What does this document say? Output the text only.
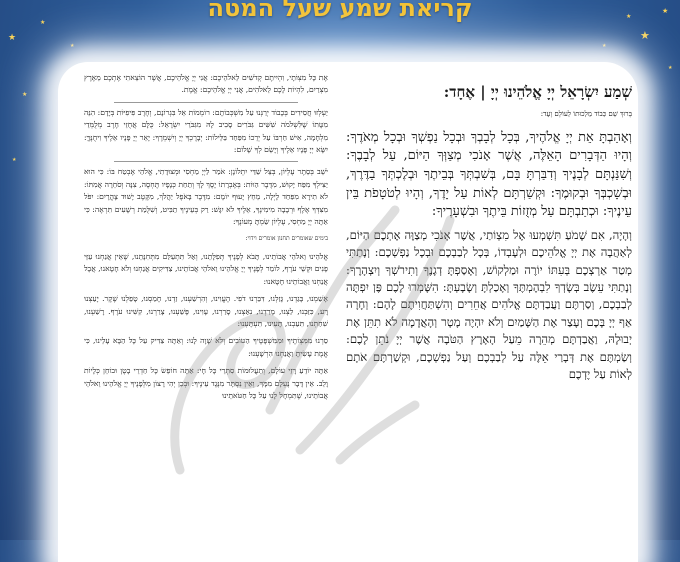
★
★
★
★
★
★
★
★
★
★
קריאת שמע שעל המטה

שְׁמַע יִשְׂרָאֵל יְיָ אֱלֹהֵינוּ יְיָ | אֶחָד:

בָּרוּךְ שֵׁם כְּבוֹד מַלְכוּתוֹ לְעוֹלָם וָעֶד:

וְאָהַבְתָּ אֵת יְיָ אֱלֹהֶיךָ, בְּכָל לְבָבְךָ וּבְכָל נַפְשְׁךָ וּבְכָל מְאֹדֶךָ: וְהָיוּ הַדְּבָרִים הָאֵלֶּה, אֲשֶׁר אָנֹכִי מְצַוְּךָ הַיּוֹם, עַל לְבָבֶךָ: וְשִׁנַּנְתָּם לְבָנֶיךָ וְדִבַּרְתָּ בָּם, בְּשִׁבְתְּךָ בְּבֵיתֶךָ וּבְלֶכְתְּךָ בַדֶּרֶךְ, וּבְשָׁכְבְּךָ וּבְקוּמֶךָ: וּקְשַׁרְתָּם לְאוֹת עַל יָדֶךָ, וְהָיוּ לְטֹטָפֹת בֵּין עֵינֶיךָ: וּכְתַבְתָּם עַל מְזֻזוֹת בֵּיתֶךָ וּבִשְׁעָרֶיךָ:

וְהָיָה, אִם שָׁמֹעַ תִּשְׁמְעוּ אֶל מִצְוֹתַי, אֲשֶׁר אָנֹכִי מְצַוֶּה אֶתְכֶם הַיּוֹם, לְאַהֲבָה אֶת יְיָ אֱלֹהֵיכֶם וּלְעָבְדוֹ, בְּכָל לְבַבְכֶם וּבְכָל נַפְשְׁכֶם: וְנָתַתִּי מְטַר אַרְצְכֶם בְּעִתּוֹ יוֹרֶה וּמַלְקוֹשׁ, וְאָסַפְתָּ דְגָנֶךָ וְתִירֹשְׁךָ וְיִצְהָרֶךָ: וְנָתַתִּי עֵשֶׂב בְּשָׂדְךָ לִבְהֶמְתֶּךָ וְאָכַלְתָּ וְשָׂבָעְתָּ: הִשָּׁמְרוּ לָכֶם פֶּן יִפְתֶּה לְבַבְכֶם, וְסַרְתֶּם וַעֲבַדְתֶּם אֱלֹהִים אֲחֵרִים וְהִשְׁתַּחֲוִיתֶם לָהֶם: וְחָרָה אַף יְיָ בָּכֶם וְעָצַר אֶת הַשָּׁמַיִם וְלֹא יִהְיֶה מָטָר וְהָאֲדָמָה לֹא תִתֵּן אֶת יְבוּלָהּ, וַאֲבַדְתֶּם מְהֵרָה מֵעַל הָאָרֶץ הַטֹּבָה אֲשֶׁר יְיָ נֹתֵן לָכֶם: וְשַׂמְתֶּם אֶת דְּבָרַי אֵלֶּה עַל לְבַבְכֶם וְעַל נַפְשְׁכֶם, וּקְשַׁרְתֶּם אֹתָם לְאוֹת עַל יֶדְכֶם

אֶת כָּל מִצְוֹתָי, וִהְיִיתֶם קְדֹשִׁים לֵאלֹהֵיכֶם: אֲנִי יְיָ אֱלֹהֵיכֶם, אֲשֶׁר הוֹצֵאתִי אֶתְכֶם מֵאֶרֶץ מִצְרַיִם, לִהְיוֹת לָכֶם לֵאלֹהִים, אֲנִי יְיָ אֱלֹהֵיכֶם: אֱמֶת.

יַעְלְזוּ חֲסִידִים בְּכָבוֹד יְרַנְּנוּ עַל מִשְׁכְּבוֹתָם: רוֹמְמוֹת אֵל בִּגְרוֹנָם, וְחֶרֶב פִּיפִיּוֹת בְּיָדָם: הִנֵּה מִטָּתוֹ שֶׁלִּשְׁלֹמֹה שִׁשִּׁים גִּבֹּרִים סָבִיב לָהּ מִגִּבֹּרֵי יִשְׂרָאֵל: כֻּלָּם אֲחֻזֵי חֶרֶב מְלֻמְּדֵי מִלְחָמָה, אִישׁ חַרְבּוֹ עַל יְרֵכוֹ מִפַּחַד בַּלֵּילוֹת: יְבָרֶכְךָ יְיָ וְיִשְׁמְרֶךָ: יָאֵר יְיָ פָּנָיו אֵלֶיךָ וִיחֻנֶּךָּ: יִשָּׂא יְיָ פָּנָיו אֵלֶיךָ וְיָשֵׂם לְךָ שָׁלוֹם:

יֹשֵׁב בְּסֵתֶר עֶלְיוֹן, בְּצֵל שַׁדַּי יִתְלוֹנָן: אֹמַר לַיְיָ מַחְסִי וּמְצוּדָתִי, אֱלֹהַי אֶבְטַח בּוֹ: כִּי הוּא יַצִּילְךָ מִפַּח יָקוּשׁ, מִדֶּבֶר הַוּוֹת: בְּאֶבְרָתוֹ יָסֶךְ לָךְ וְתַחַת כְּנָפָיו תֶּחְסֶה, צִנָּה וְסֹחֵרָה אֲמִתּוֹ: לֹא תִירָא מִפַּחַד לָיְלָה, מֵחֵץ יָעוּף יוֹמָם: מִדֶּבֶר בָּאֹפֶל יַהֲלֹךְ, מִקֶּטֶב יָשׁוּד צָהֳרָיִם: יִפֹּל מִצִּדְּךָ אֶלֶף וּרְבָבָה מִימִינֶךָ, אֵלֶיךָ לֹא יִגָּשׁ: רַק בְּעֵינֶיךָ תַבִּיט, וְשִׁלֻּמַת רְשָׁעִים תִּרְאֶה: כִּי אַתָּה יְיָ מַחְסִי, עֶלְיוֹן שַׂמְתָּ מְעוֹנֶךָ:

בימים שאומרים תחנון אומרים וידוי:

אֱלֹהֵינוּ וֵאלֹהֵי אֲבוֹתֵינוּ, תָּבֹא לְפָנֶיךָ תְּפִלָּתֵנוּ, וְאַל תִּתְעַלַּם מִתְּחִנָּתֵנוּ, שֶׁאֵין אֲנַחְנוּ עַזֵּי פָנִים וּקְשֵׁי עֹרֶף, לוֹמַר לְפָנֶיךָ יְיָ אֱלֹהֵינוּ וֵאלֹהֵי אֲבוֹתֵינוּ, צַדִּיקִים אֲנַחְנוּ וְלֹא חָטָאנוּ, אֲבָל אֲנַחְנוּ וַאֲבוֹתֵינוּ חָטָאנוּ:

אָשַׁמְנוּ, בָּגַדְנוּ, גָּזַלְנוּ, דִּבַּרְנוּ דֹפִי. הֶעֱוִינוּ, וְהִרְשַׁעְנוּ, זַדְנוּ, חָמַסְנוּ, טָפַלְנוּ שֶׁקֶר. יָעַצְנוּ רָע, כִּזַּבְנוּ, לַצְנוּ, מָרַדְנוּ, נִאַצְנוּ, סָרַרְנוּ, עָוִינוּ, פָּשַׁעְנוּ, צָרַרְנוּ, קִשִּׁינוּ עֹרֶף. רָשַׁעְנוּ, שִׁחַתְנוּ, תִּעַבְנוּ, תָּעִינוּ, תִּעְתָּעְנוּ:

סַרְנוּ מִמִּצְוֹתֶיךָ וּמִמִּשְׁפָּטֶיךָ הַטּוֹבִים וְלֹא שָׁוָה לָנוּ: וְאַתָּה צַדִּיק עַל כָּל הַבָּא עָלֵינוּ, כִּי אֱמֶת עָשִׂיתָ וַאֲנַחְנוּ הִרְשָׁעְנוּ:

אַתָּה יוֹדֵעַ רָזֵי עוֹלָם, וְתַעֲלוּמוֹת סִתְרֵי כָּל חָי: אַתָּה חוֹפֵשׂ כָּל חַדְרֵי בָטֶן וּבוֹחֵן כְּלָיוֹת וָלֵב. אֵין דָּבָר נֶעְלָם מִמָּךְ, וְאֵין נִסְתָּר מִנֶּגֶד עֵינֶיךָ: וּבְכֵן יְהִי רָצוֹן מִלְּפָנֶיךָ יְיָ אֱלֹהֵינוּ וֵאלֹהֵי אֲבוֹתֵינוּ, שֶׁתִּמְחָל לָנוּ עַל כָּל חַטֹּאתֵינוּ
